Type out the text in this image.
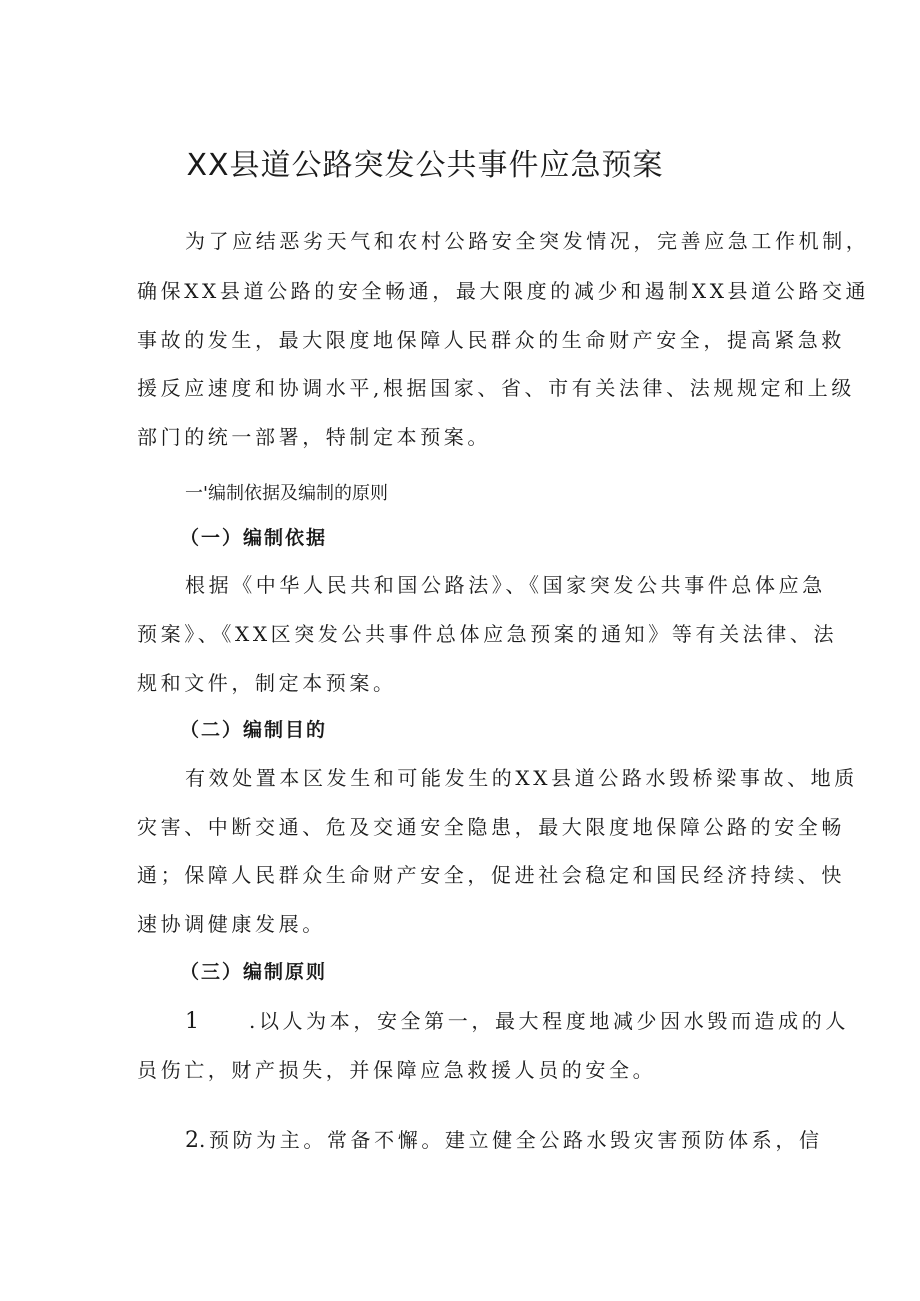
XX县道公路突发公共事件应急预案

为了应结恶劣天气和农村公路安全突发情况，完善应急工作机制，

确保XX县道公路的安全畅通，最大限度的减少和遏制XX县道公路交通

事故的发生，最大限度地保障人民群众的生命财产安全，提高紧急救

援反应速度和协调水平,根据国家、省、市有关法律、法规规定和上级

部门的统一部署，特制定本预案。

一'编制依据及编制的原则

（一）编制依据

根据《中华人民共和国公路法》、《国家突发公共事件总体应急

预案》、《XX区突发公共事件总体应急预案的通知》等有关法律、法

规和文件，制定本预案。

（二）编制目的

有效处置本区发生和可能发生的XX县道公路水毁桥梁事故、地质

灾害、中断交通、危及交通安全隐患，最大限度地保障公路的安全畅

通；保障人民群众生命财产安全，促进社会稳定和国民经济持续、快

速协调健康发展。

（三）编制原则

1	.以人为本，安全第一，最大程度地减少因水毁而造成的人

员伤亡，财产损失，并保障应急救援人员的安全。

2.预防为主。常备不懈。建立健全公路水毁灾害预防体系，信
